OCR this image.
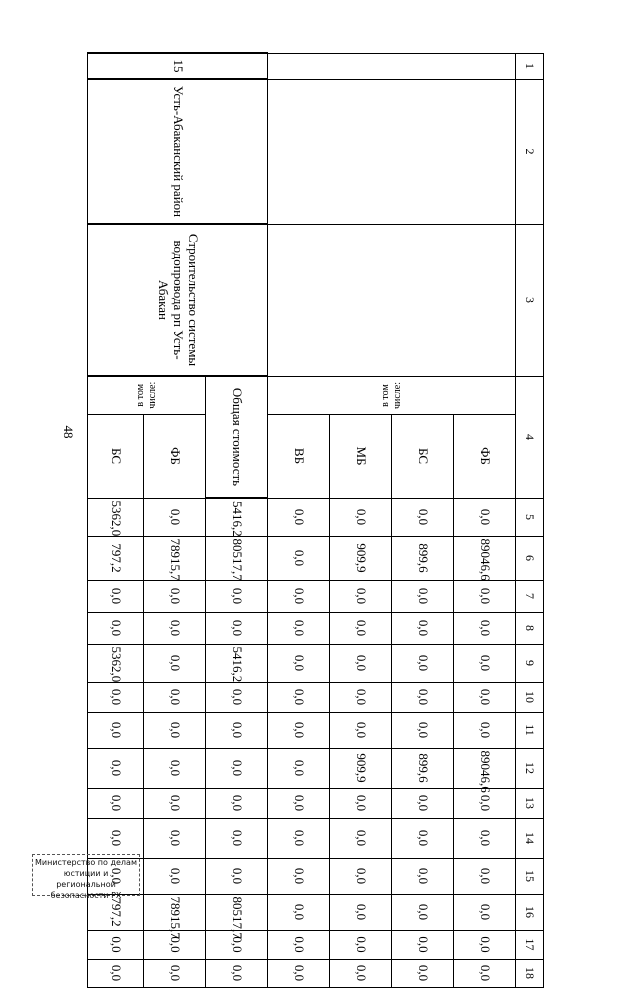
48
1	2	3	4		5	6	7	8	9	10	11	12	13	14	15	16	17	18
			в том числе:	ФБ	0,0	89046,6	0,0	0,0	0,0	0,0	0,0	89046,6	0,0	0,0	0,0	0,0	0,0	0,0
				БС	0,0	899,6	0,0	0,0	0,0	0,0	0,0	899,6	0,0	0,0	0,0	0,0	0,0	0,0
				МБ	0,0	909,9	0,0	0,0	0,0	0,0	0,0	909,9	0,0	0,0	0,0	0,0	0,0	0,0
				ВБ	0,0	0,0	0,0	0,0	0,0	0,0	0,0	0,0	0,0	0,0	0,0	0,0	0,0	0,0
15	Усть-Абаканский район	Строительство системы водопровода рп Усть-Абакан	Общая стоимость		5416,2	80517,7	0,0	0,0	5416,2	0,0	0,0	0,0	0,0	0,0	0,0	80517,7	0,0	0,0
			в том числе:	ФБ	0,0	78915,7	0,0	0,0	0,0	0,0	0,0	0,0	0,0	0,0	0,0	78915,7	0,0	0,0
				БС	5362,0	797,2	0,0	0,0	5362,0	0,0	0,0	0,0	0,0	0,0	0,0	797,2	0,0	0,0
Министерство по делам
юстиции и региональной
безопасности РХ
